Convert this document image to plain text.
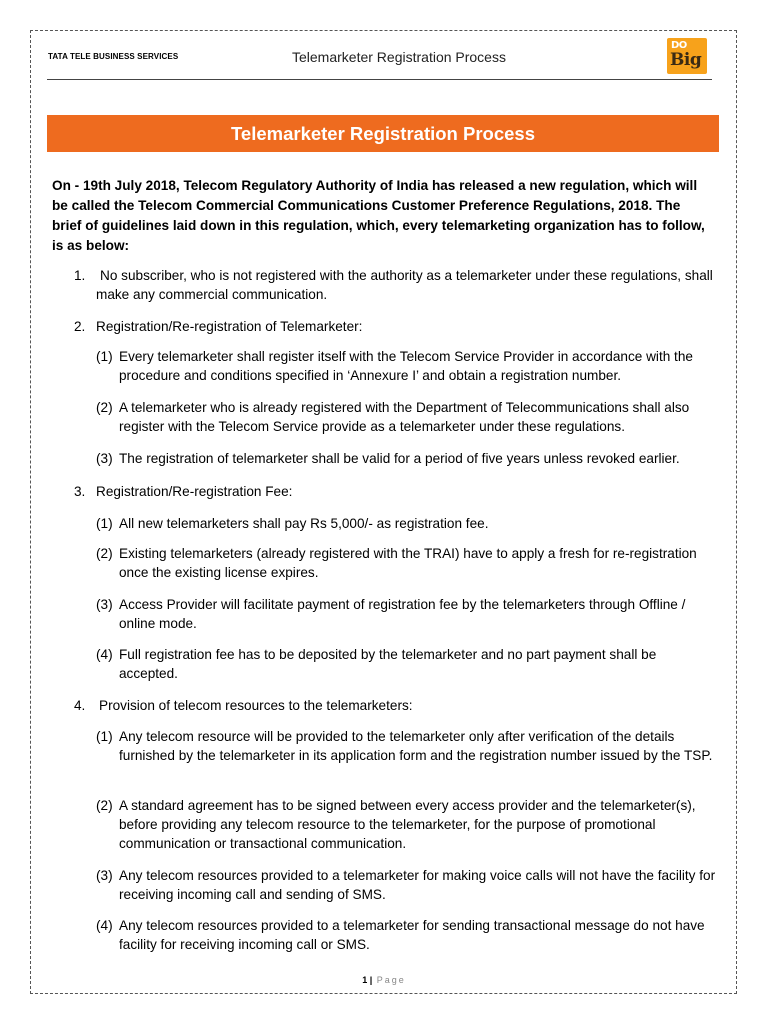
TATA TELE BUSINESS SERVICES	Telemarketer Registration Process
DO
Big
Telemarketer Registration Process
On - 19th July 2018, Telecom Regulatory Authority of India has released a new regulation, which will be called the Telecom Commercial Communications Customer Preference Regulations, 2018. The brief of guidelines laid down in this regulation, which, every telemarketing organization has to follow, is as below:
1.	No subscriber, who is not registered with the authority as a telemarketer under these regulations, shall make any commercial communication.
2. Registration/Re-registration of Telemarketer:
(1) Every telemarketer shall register itself with the Telecom Service Provider in accordance with the procedure and conditions specified in ‘Annexure I’ and obtain a registration number.
(2) A telemarketer who is already registered with the Department of Telecommunications shall also register with the Telecom Service provide as a telemarketer under these regulations.
(3) The registration of telemarketer shall be valid for a period of five years unless revoked earlier.
3. Registration/Re-registration Fee:
(1) All new telemarketers shall pay Rs 5,000/- as registration fee.
(2) Existing telemarketers (already registered with the TRAI) have to apply a fresh for re-registration once the existing license expires.
(3) Access Provider will facilitate payment of registration fee by the telemarketers through Offline / online mode.
(4) Full registration fee has to be deposited by the telemarketer and no part payment shall be accepted.
4.	Provision of telecom resources to the telemarketers:
(1) Any telecom resource will be provided to the telemarketer only after verification of the details furnished by the telemarketer in its application form and the registration number issued by the TSP.
(2) A standard agreement has to be signed between every access provider and the telemarketer(s), before providing any telecom resource to the telemarketer, for the purpose of promotional communication or transactional communication.
(3) Any telecom resources provided to a telemarketer for making voice calls will not have the facility for receiving incoming call and sending of SMS.
(4) Any telecom resources provided to a telemarketer for sending transactional message do not have facility for receiving incoming call or SMS.
1 | Page
